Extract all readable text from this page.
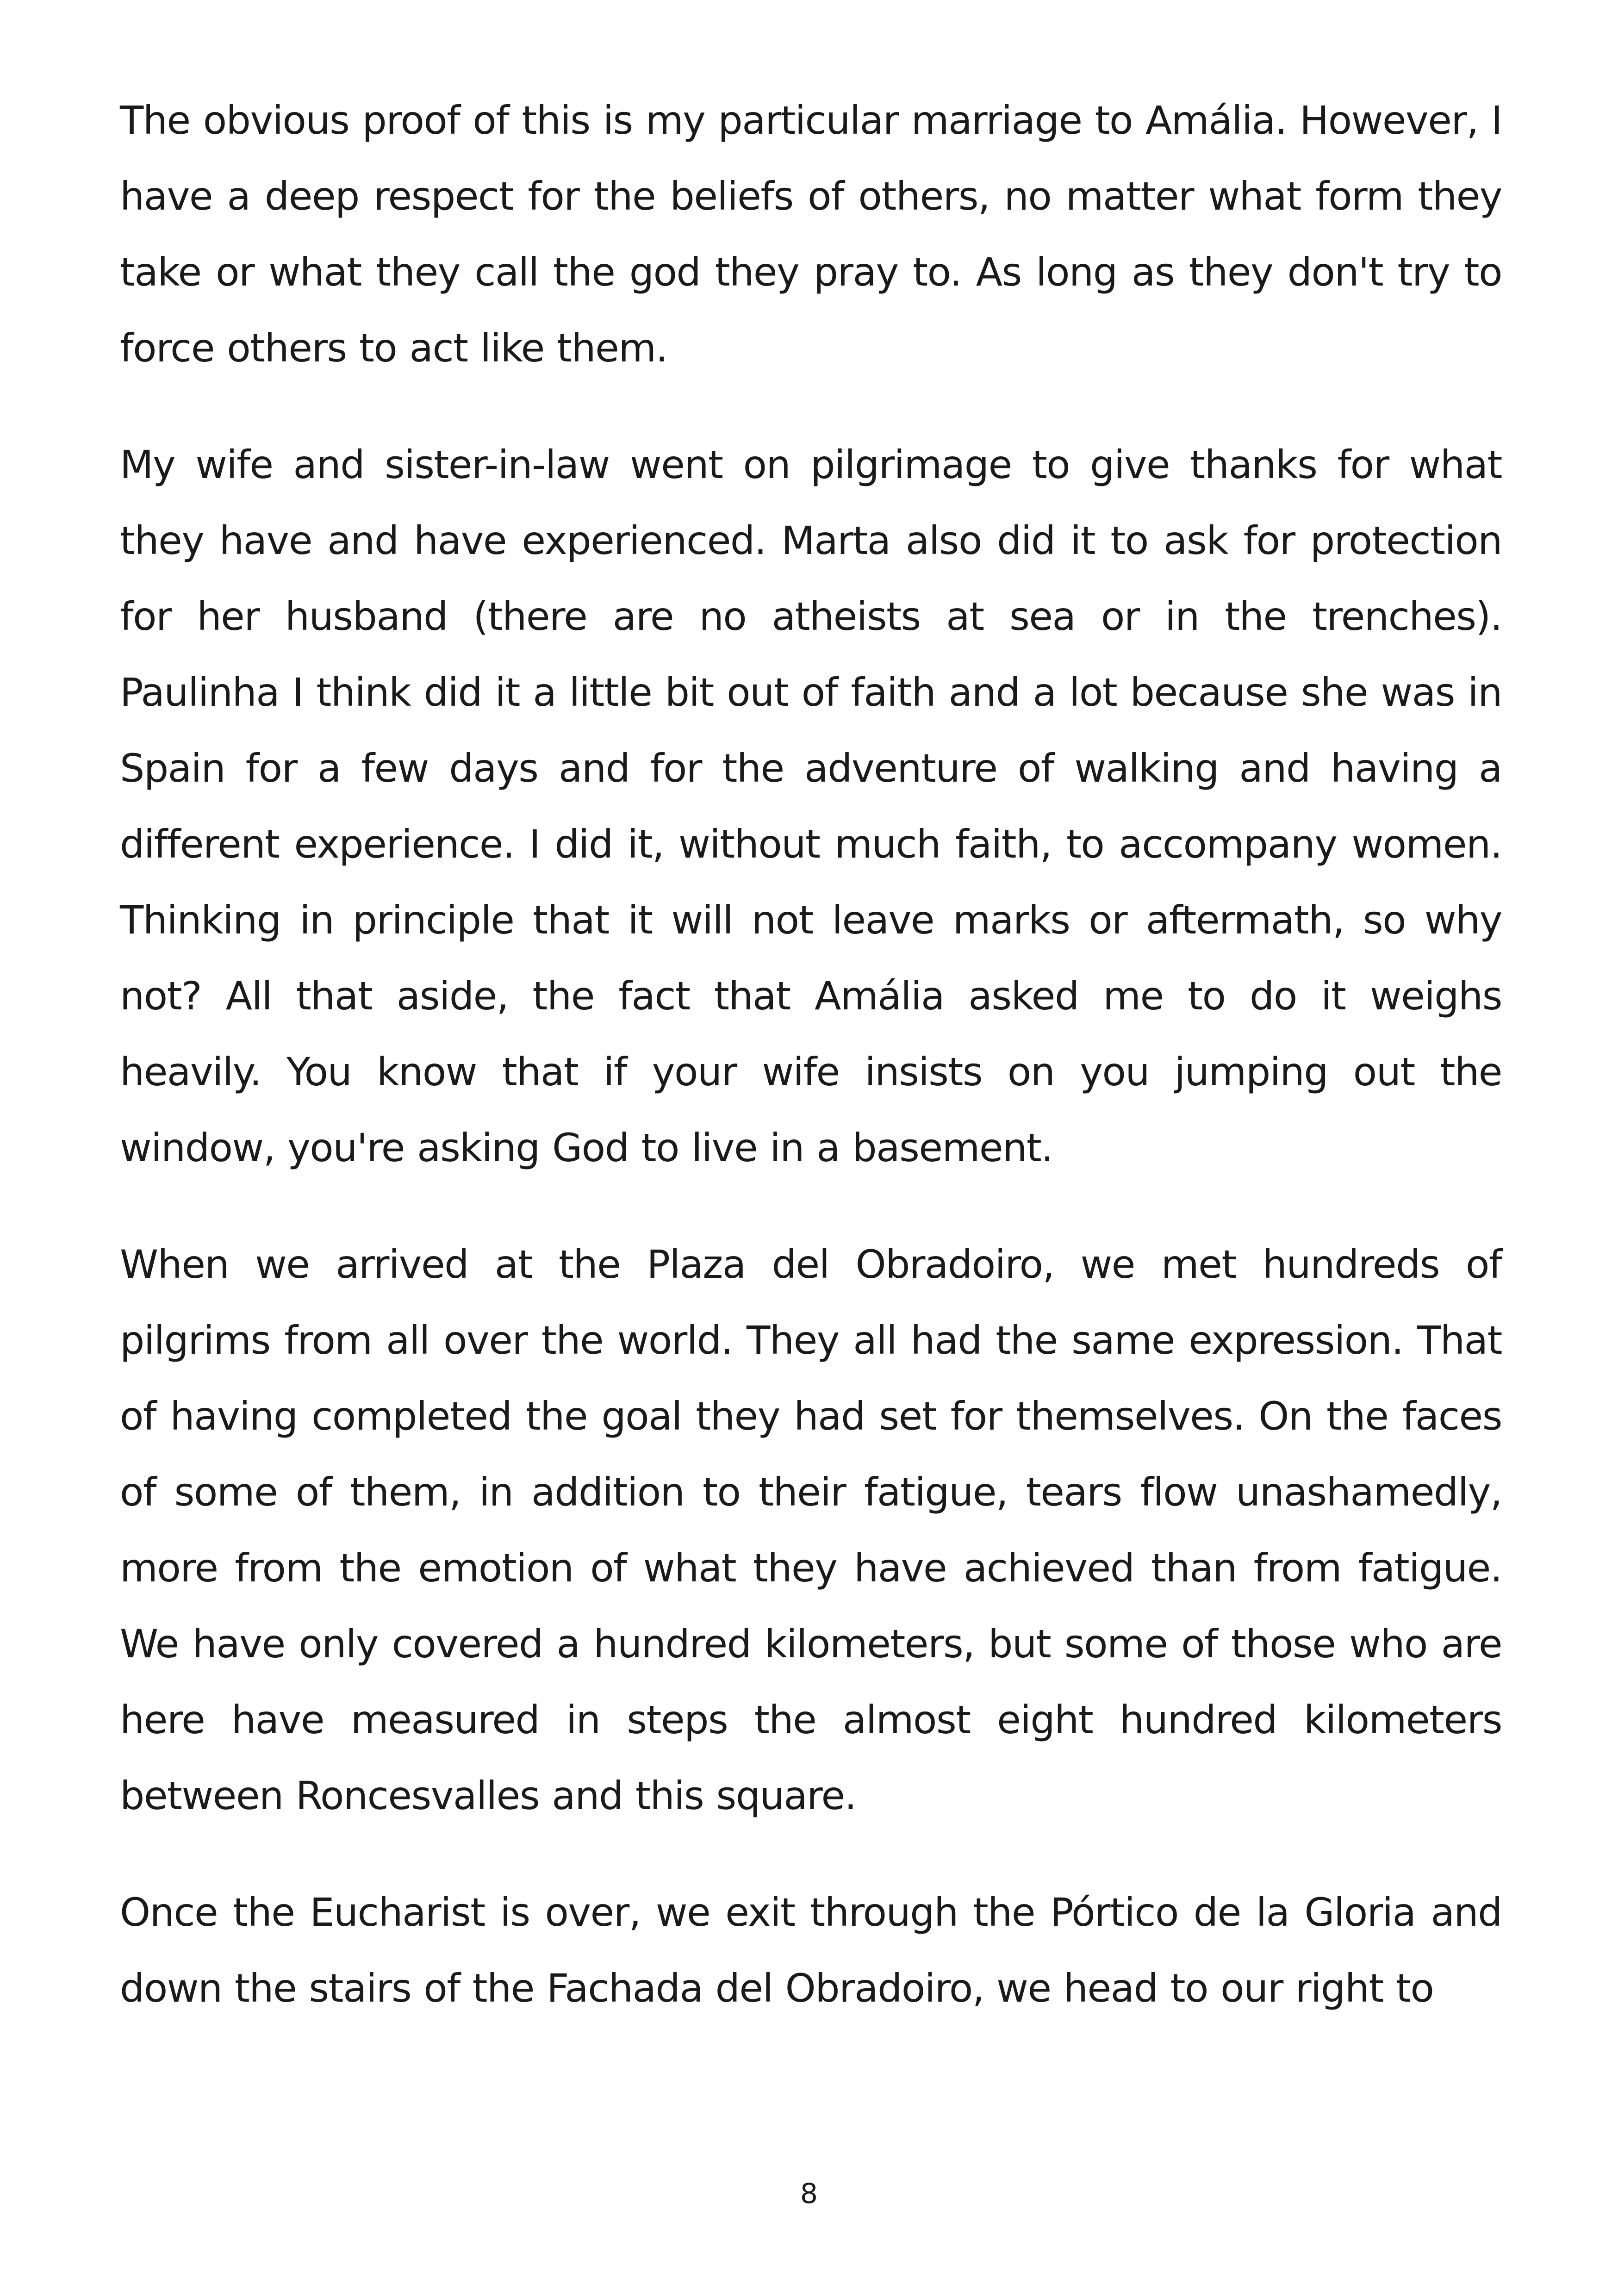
The obvious proof of this is my particular marriage to Amália. However, I have a deep respect for the beliefs of others, no matter what form they take or what they call the god they pray to. As long as they don't try to force others to act like them.

My wife and sister-in-law went on pilgrimage to give thanks for what they have and have experienced. Marta also did it to ask for protection for her husband (there are no atheists at sea or in the trenches). Paulinha I think did it a little bit out of faith and a lot because she was in Spain for a few days and for the adventure of walking and having a different experience. I did it, without much faith, to accompany women. Thinking in principle that it will not leave marks or aftermath, so why not? All that aside, the fact that Amália asked me to do it weighs heavily. You know that if your wife insists on you jumping out the window, you're asking God to live in a basement.

When we arrived at the Plaza del Obradoiro, we met hundreds of pilgrims from all over the world. They all had the same expression. That of having completed the goal they had set for themselves. On the faces of some of them, in addition to their fatigue, tears flow unashamedly, more from the emotion of what they have achieved than from fatigue. We have only covered a hundred kilometers, but some of those who are here have measured in steps the almost eight hundred kilometers between Roncesvalles and this square.

Once the Eucharist is over, we exit through the Pórtico de la Gloria and down the stairs of the Fachada del Obradoiro, we head to our right to

8
